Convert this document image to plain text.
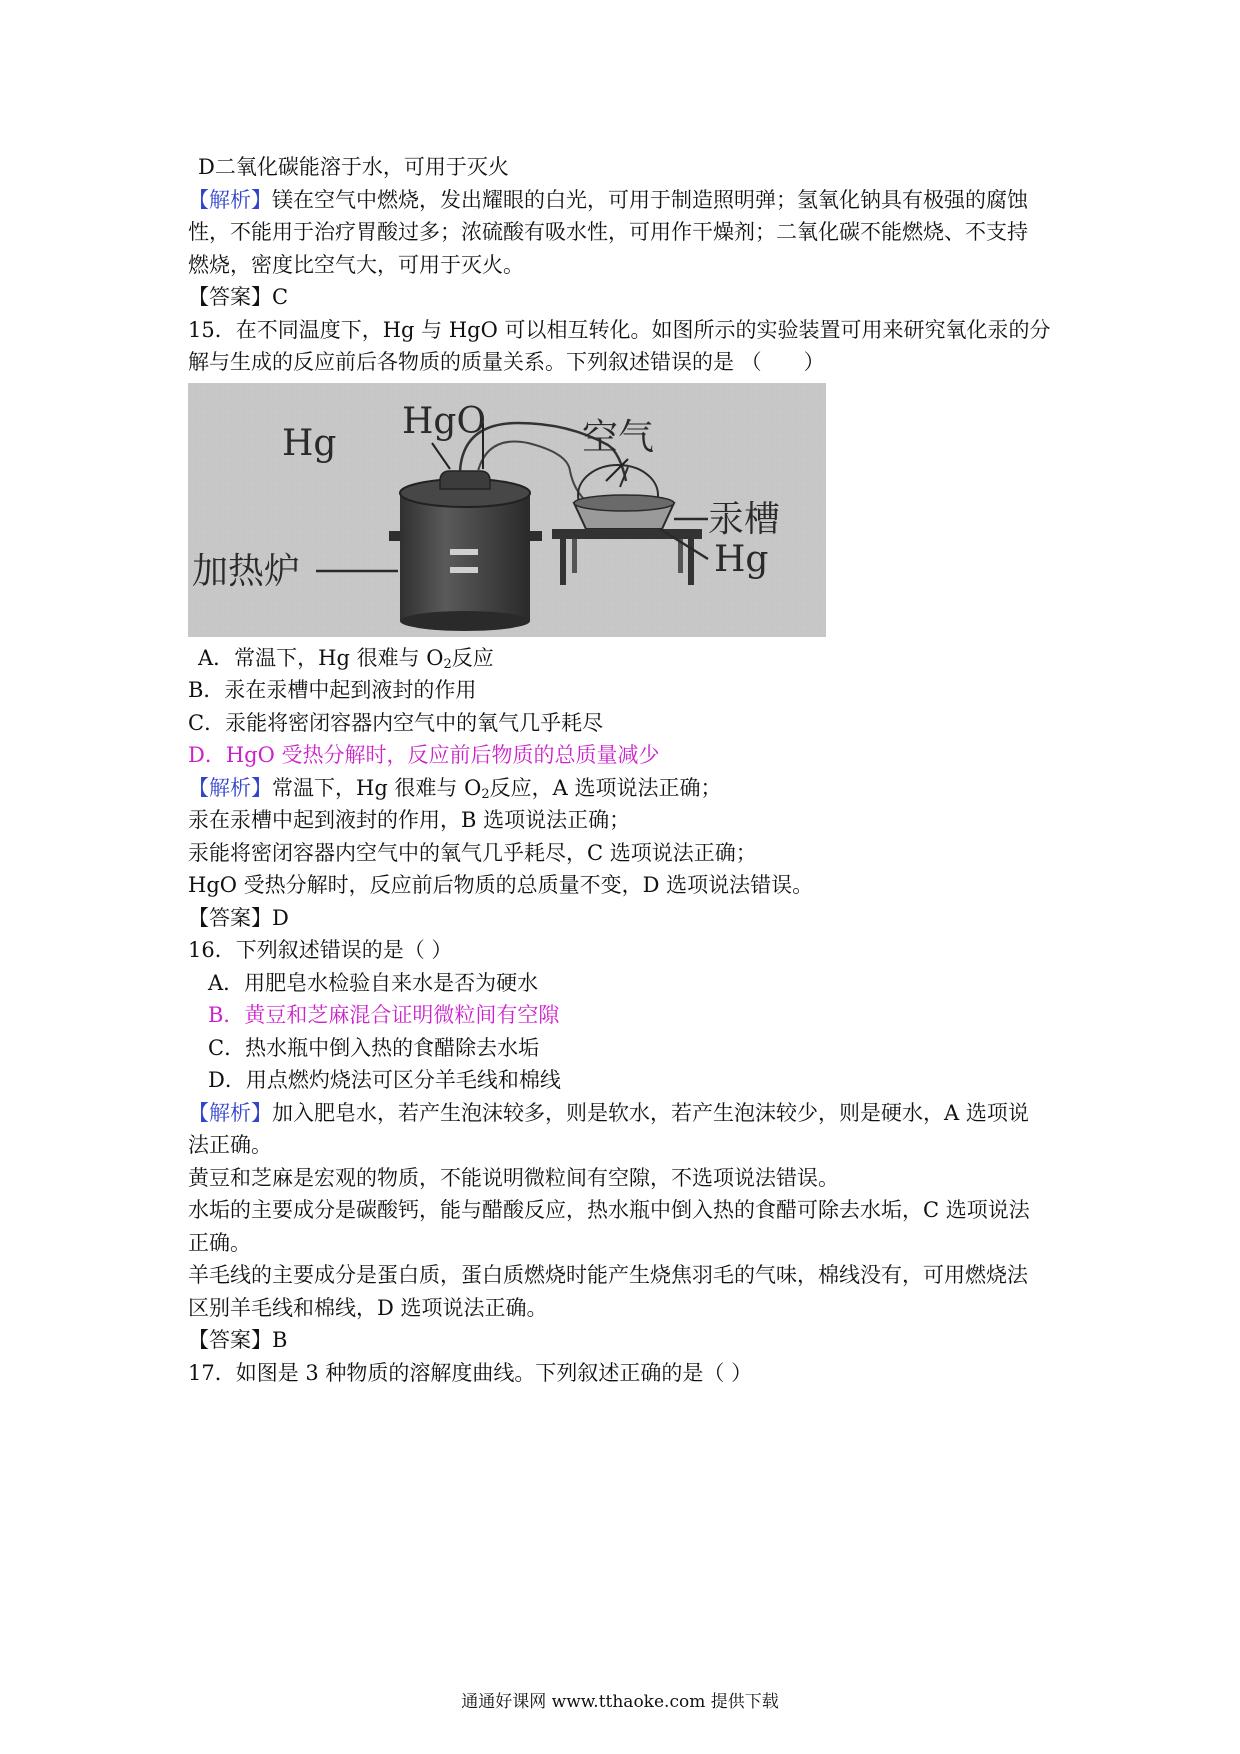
D二氧化碳能溶于水，可用于灭火
【解析】镁在空气中燃烧，发出耀眼的白光，可用于制造照明弹；氢氧化钠具有极强的腐蚀
性，不能用于治疗胃酸过多；浓硫酸有吸水性，可用作干燥剂；二氧化碳不能燃烧、不支持
燃烧，密度比空气大，可用于灭火。
【答案】C
15．在不同温度下，Hg 与 HgO 可以相互转化。如图所示的实验装置可用来研究氧化汞的分
解与生成的反应前后各物质的质量关系。下列叙述错误的是 （　　）
Hg
HgO	空气
汞槽
Hg
加热炉
A．常温下，Hg 很难与 $O_2$反应
B．汞在汞槽中起到液封的作用
C．汞能将密闭容器内空气中的氧气几乎耗尽
D．HgO 受热分解时，反应前后物质的总质量减少
【解析】常温下，Hg 很难与 $O_2$反应，A 选项说法正确；
汞在汞槽中起到液封的作用，B 选项说法正确；
汞能将密闭容器内空气中的氧气几乎耗尽，C 选项说法正确；
HgO 受热分解时，反应前后物质的总质量不变，D 选项说法错误。
【答案】D
16．下列叙述错误的是（ ）
A．用肥皂水检验自来水是否为硬水
B．黄豆和芝麻混合证明微粒间有空隙
C．热水瓶中倒入热的食醋除去水垢
D．用点燃灼烧法可区分羊毛线和棉线
【解析】加入肥皂水，若产生泡沫较多，则是软水，若产生泡沫较少，则是硬水，A 选项说
法正确。
黄豆和芝麻是宏观的物质，不能说明微粒间有空隙，不选项说法错误。
水垢的主要成分是碳酸钙，能与醋酸反应，热水瓶中倒入热的食醋可除去水垢，C 选项说法
正确。
羊毛线的主要成分是蛋白质，蛋白质燃烧时能产生烧焦羽毛的气味，棉线没有，可用燃烧法
区别羊毛线和棉线，D 选项说法正确。
【答案】B
17．如图是 3 种物质的溶解度曲线。下列叙述正确的是（ ）
通通好课网 www.tthaoke.com 提供下载
